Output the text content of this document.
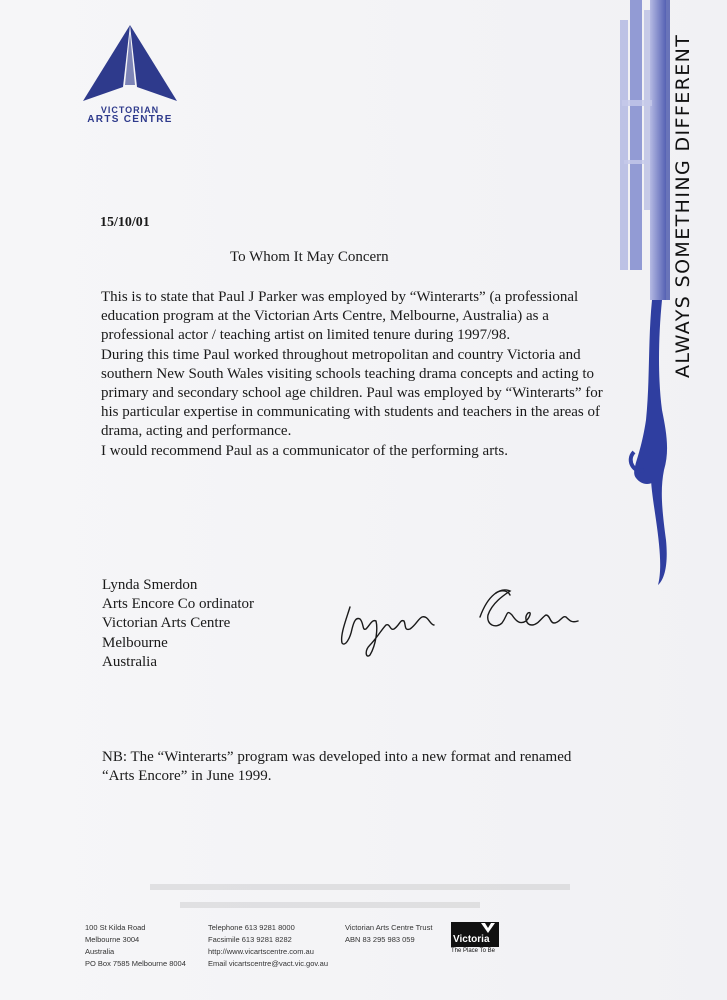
VICTORIAN
ARTS CENTRE
15/10/01
To Whom It May Concern

This is to state that Paul J Parker was employed by “Winterarts” (a professional education program at the Victorian Arts Centre, Melbourne, Australia) as a professional actor / teaching artist on limited tenure during 1997/98.

During this time Paul worked throughout metropolitan and country Victoria and southern New South Wales visiting schools teaching drama concepts and acting to primary and secondary school age children. Paul was employed by “Winterarts” for his particular expertise in communicating with students and teachers in the areas of drama, acting and performance.

I would recommend Paul as a communicator of the performing arts.

Lynda Smerdon
Arts Encore Co ordinator
Victorian Arts Centre
Melbourne
Australia
NB: The “Winterarts” program was developed into a new format and renamed “Arts Encore” in June 1999.
ALWAYS SOMETHING DIFFERENT
100 St Kilda Road
Melbourne 3004
Australia
PO Box 7585 Melbourne 8004
Telephone 613 9281 8000
Facsimile 613 9281 8282
http://www.vicartscentre.com.au
Email vicartscentre@vact.vic.gov.au
Victorian Arts Centre Trust
ABN 83 295 983 059	Victoria
The Place To Be
